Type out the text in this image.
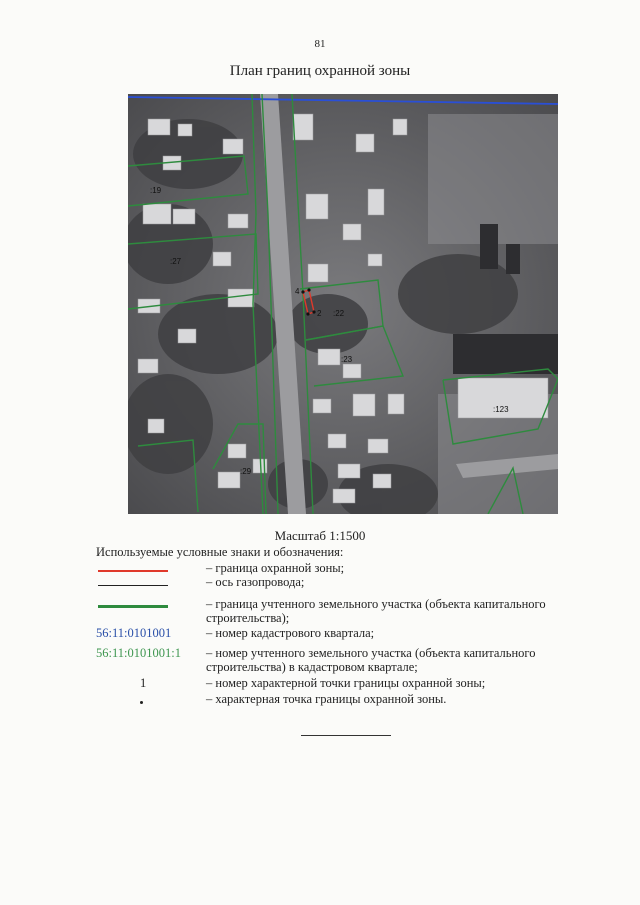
81
План границ охранной зоны
:19
:27
:22
:23
:123
:29
4
2
Масштаб 1:1500
Используемые условные знаки и обозначения:
– граница охранной зоны;
– ось газопровода;
– граница учтенного земельного участка (объекта капитального строительства);
56:11:0101001	– номер кадастрового квартала;
56:11:0101001:1 – номер учтенного земельного участка (объекта капитального строительства) в кадастровом квартале;
1	– номер характерной точки границы охранной зоны;
– характерная точка границы охранной зоны.
